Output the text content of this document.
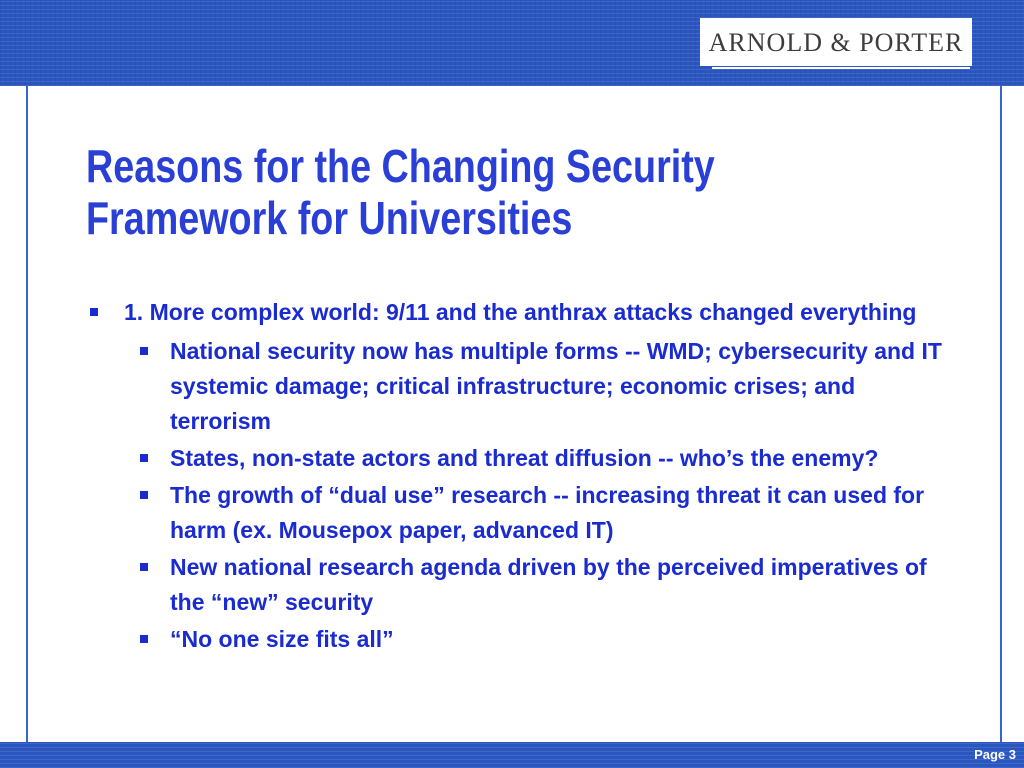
ARNOLD & PORTER
Reasons for the Changing Security
Framework for Universities
1. More complex world: 9/11 and the anthrax attacks changed everything
National security now has multiple forms -- WMD; cybersecurity and IT systemic damage; critical infrastructure; economic crises; and terrorism
States, non-state actors and threat diffusion -- who’s the enemy?
The growth of “dual use” research -- increasing threat it can used for harm (ex. Mousepox paper, advanced IT)
New national research agenda driven by the perceived imperatives of the “new” security
“No one size fits all”
Page 3
